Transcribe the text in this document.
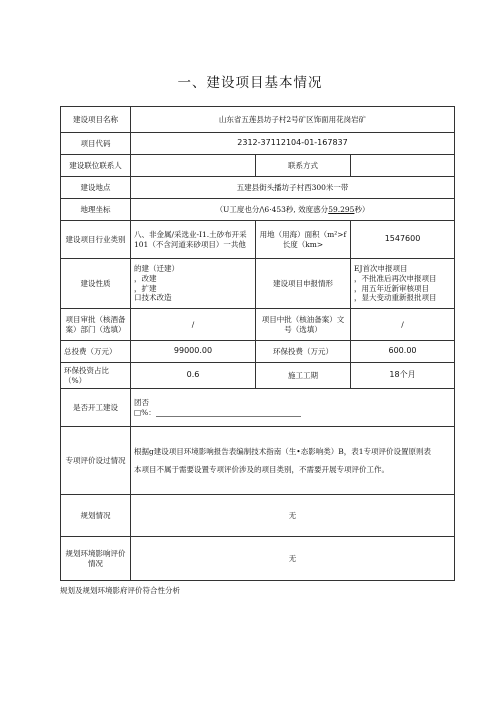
一、建设项目基本情况
建设项目名称	山东省五莲县坊子村2号矿区饰面用花岗岩矿		
项目代码	2312-37112104-01-167837		
建设联位联系人		联系方式	
建设地点	五建县街头播坊子村西300米一带		
地理坐标	（U工度也分/\6·453秒, 效度惑分59.295秒）		
建设项目行业类别	八、非金属/采选业-I1.土砂布开采101（不含河道来砂项目）一共他	用地（用海）面积（m²>f长度（km>	1547600
建设性质	的建（迁建）
，改建
，扩建
口技术改造	建设项目申报情形	EJ首次申报项目
，不批准后再次申报项目
，用五年近新审核项目
，显大变动重新报批项目

项目审批（核酒备案）部门（选填）	/	项目中批（核油备案）文号（选填）	/
总投费（万元）	99000.00	环保投费（万元）	600.00
环保投资占比（%）	0.6	施工工期	18个月
是否开工建设	团否
□%：		

专项评价设过情况	根据g建设项目环境影响报告表编制技术指南（生•态影响类）B，表1专项评价设置原则表
本项目不属于需要设置专项评价涉及的项目类别，不需要开展专项评价工作。		

规划情况	无		
规划环境影响评价情况	无		
规划及规划环境影府评价符合性分析
